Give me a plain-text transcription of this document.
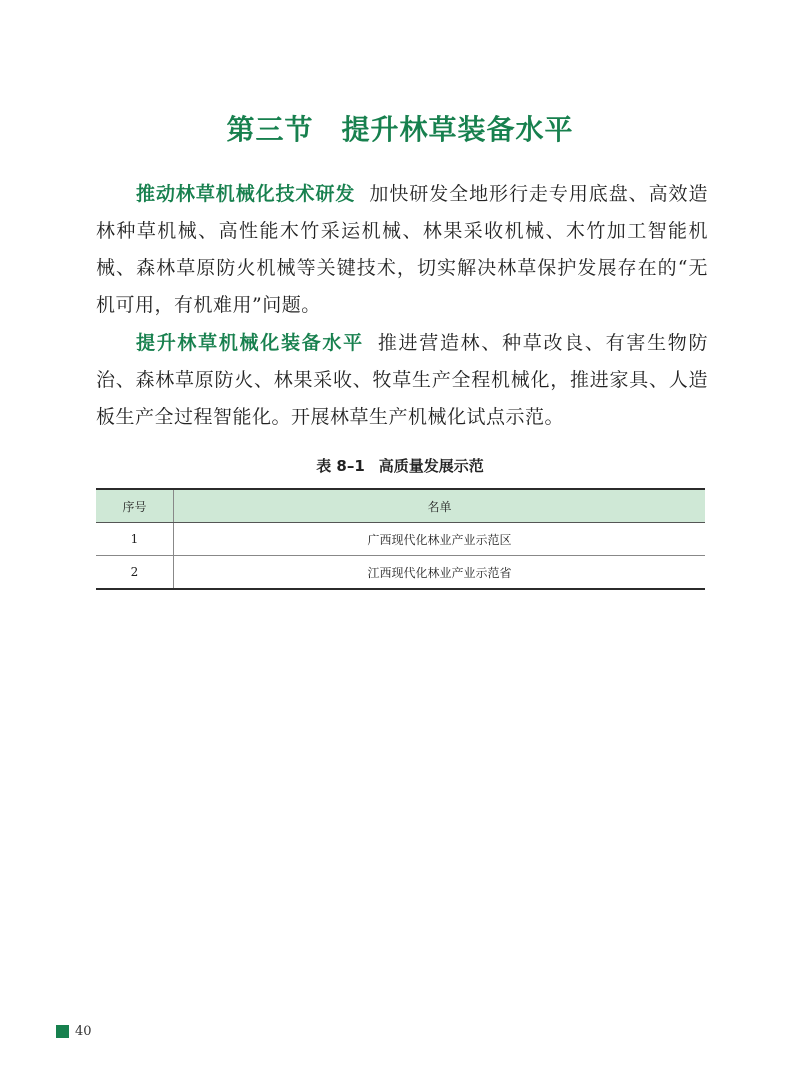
第三节 提升林草装备水平

推动林草机械化技术研发 加快研发全地形行走专用底盘、高效造林种草机械、高性能木竹采运机械、林果采收机械、木竹加工智能机械、森林草原防火机械等关键技术，切实解决林草保护发展存在的“无机可用，有机难用”问题。

提升林草机械化装备水平 推进营造林、种草改良、有害生物防治、森林草原防火、林果采收、牧草生产全程机械化，推进家具、人造板生产全过程智能化。开展林草生产机械化试点示范。

表 8–1 高质量发展示范

序号	名单
1	广西现代化林业产业示范区
2	江西现代化林业产业示范省
40
